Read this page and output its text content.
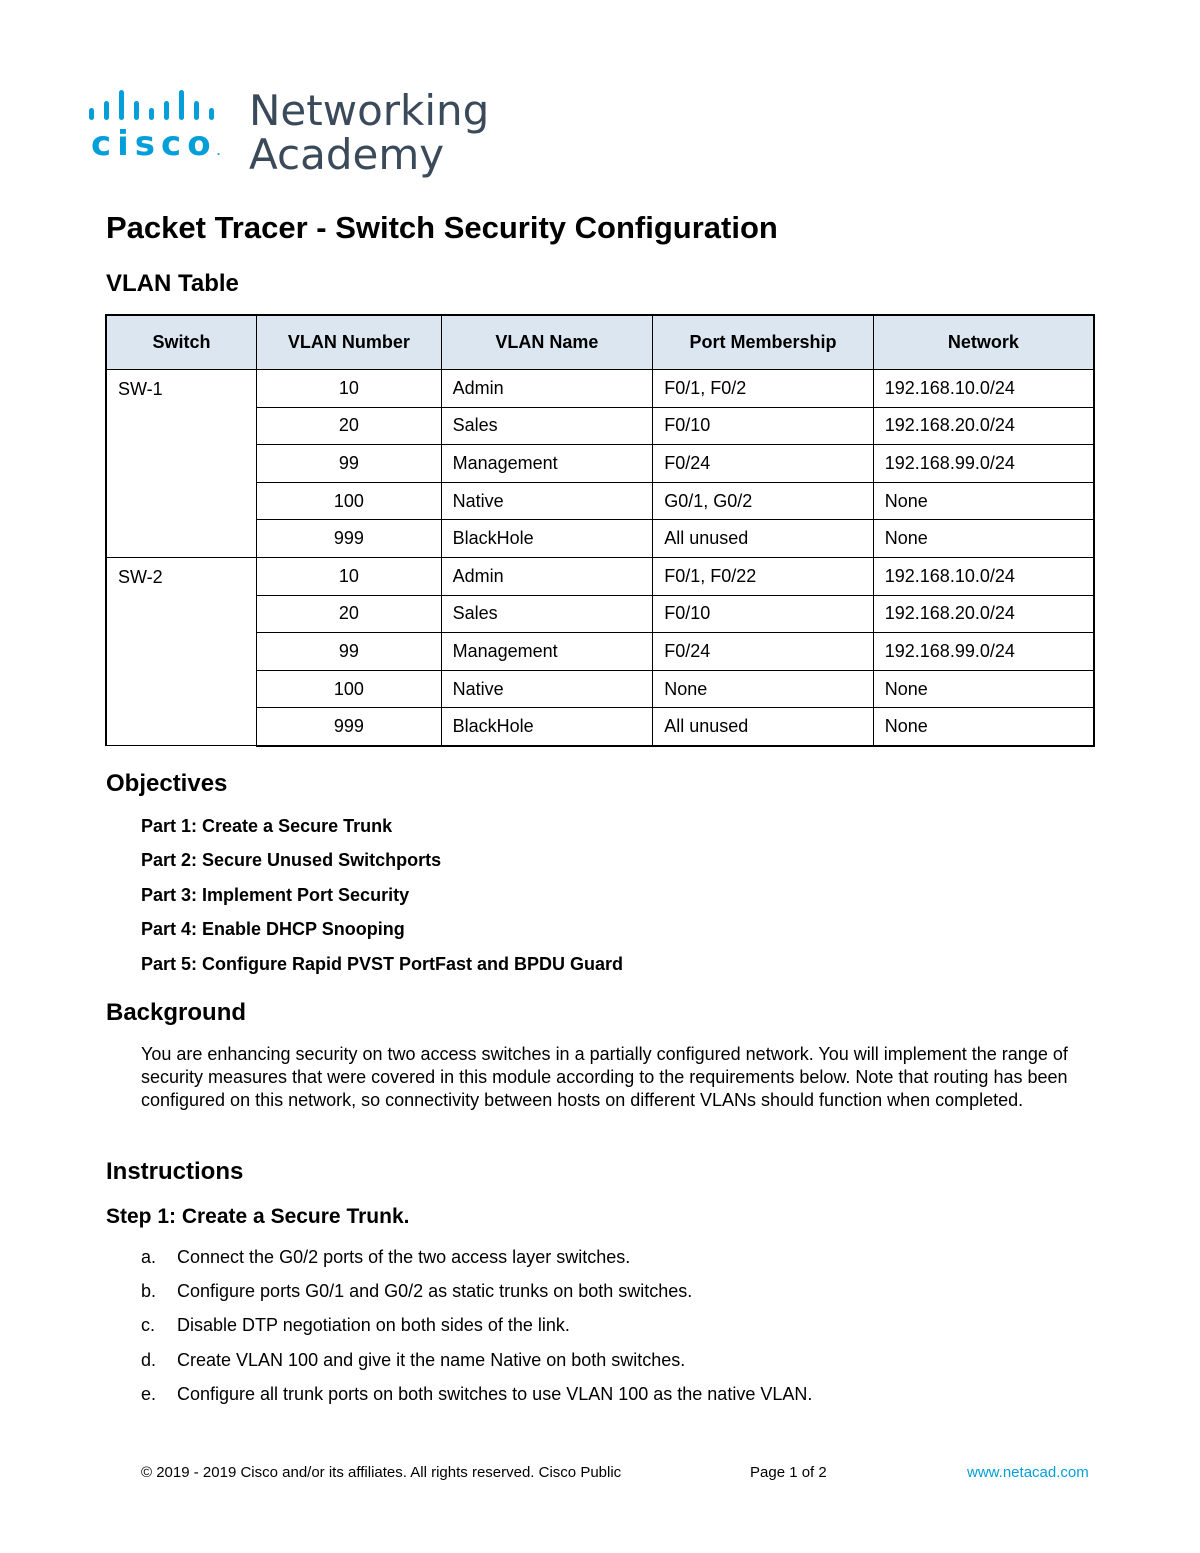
cisco.
Networking
Academy
Packet Tracer - Switch Security Configuration
VLAN Table
Switch	VLAN Number	VLAN Name	Port Membership	Network
SW-1	10	Admin	F0/1, F0/2	192.168.10.0/24
	20	Sales	F0/10	192.168.20.0/24
	99	Management	F0/24	192.168.99.0/24
	100	Native	G0/1, G0/2	None
	999	BlackHole	All unused	None
SW-2	10	Admin	F0/1, F0/22	192.168.10.0/24
	20	Sales	F0/10	192.168.20.0/24
	99	Management	F0/24	192.168.99.0/24
	100	Native	None	None
	999	BlackHole	All unused	None
Objectives
Part 1: Create a Secure Trunk
Part 2: Secure Unused Switchports
Part 3: Implement Port Security
Part 4: Enable DHCP Snooping
Part 5: Configure Rapid PVST PortFast and BPDU Guard
Background

You are enhancing security on two access switches in a partially configured network. You will implement the range of security measures that were covered in this module according to the requirements below. Note that routing has been configured on this network, so connectivity between hosts on different VLANs should function when completed.

Instructions
Step 1: Create a Secure Trunk.
a. Connect the G0/2 ports of the two access layer switches.
b. Configure ports G0/1 and G0/2 as static trunks on both switches.
c. Disable DTP negotiation on both sides of the link.
d. Create VLAN 100 and give it the name Native on both switches.
e. Configure all trunk ports on both switches to use VLAN 100 as the native VLAN.
© 2019 - 2019 Cisco and/or its affiliates. All rights reserved. Cisco Public	Page 1 of 2	www.netacad.com
